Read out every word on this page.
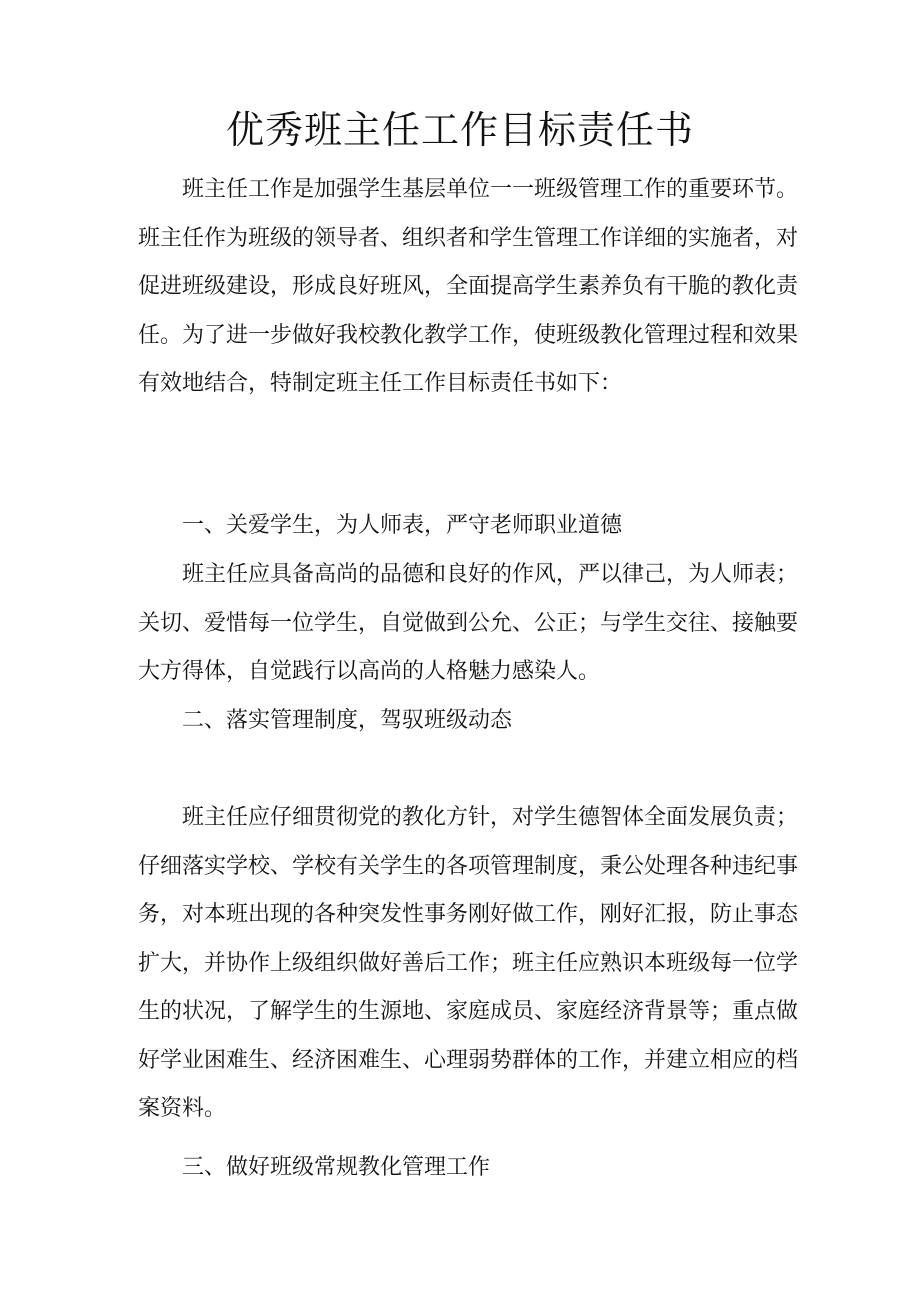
优秀班主任工作目标责任书

班主任工作是加强学生基层单位一一班级管理工作的重要环节。班主任作为班级的领导者、组织者和学生管理工作详细的实施者，对促进班级建设，形成良好班风，全面提高学生素养负有干脆的教化责任。为了进一步做好我校教化教学工作，使班级教化管理过程和效果有效地结合，特制定班主任工作目标责任书如下：

一、关爱学生，为人师表，严守老师职业道德

班主任应具备高尚的品德和良好的作风，严以律己，为人师表；关切、爱惜每一位学生，自觉做到公允、公正；与学生交往、接触要大方得体，自觉践行以高尚的人格魅力感染人。

二、落实管理制度，驾驭班级动态

班主任应仔细贯彻党的教化方针，对学生德智体全面发展负责；仔细落实学校、学校有关学生的各项管理制度，秉公处理各种违纪事务，对本班出现的各种突发性事务刚好做工作，刚好汇报，防止事态扩大，并协作上级组织做好善后工作；班主任应熟识本班级每一位学生的状况，了解学生的生源地、家庭成员、家庭经济背景等；重点做好学业困难生、经济困难生、心理弱势群体的工作，并建立相应的档案资料。

三、做好班级常规教化管理工作
